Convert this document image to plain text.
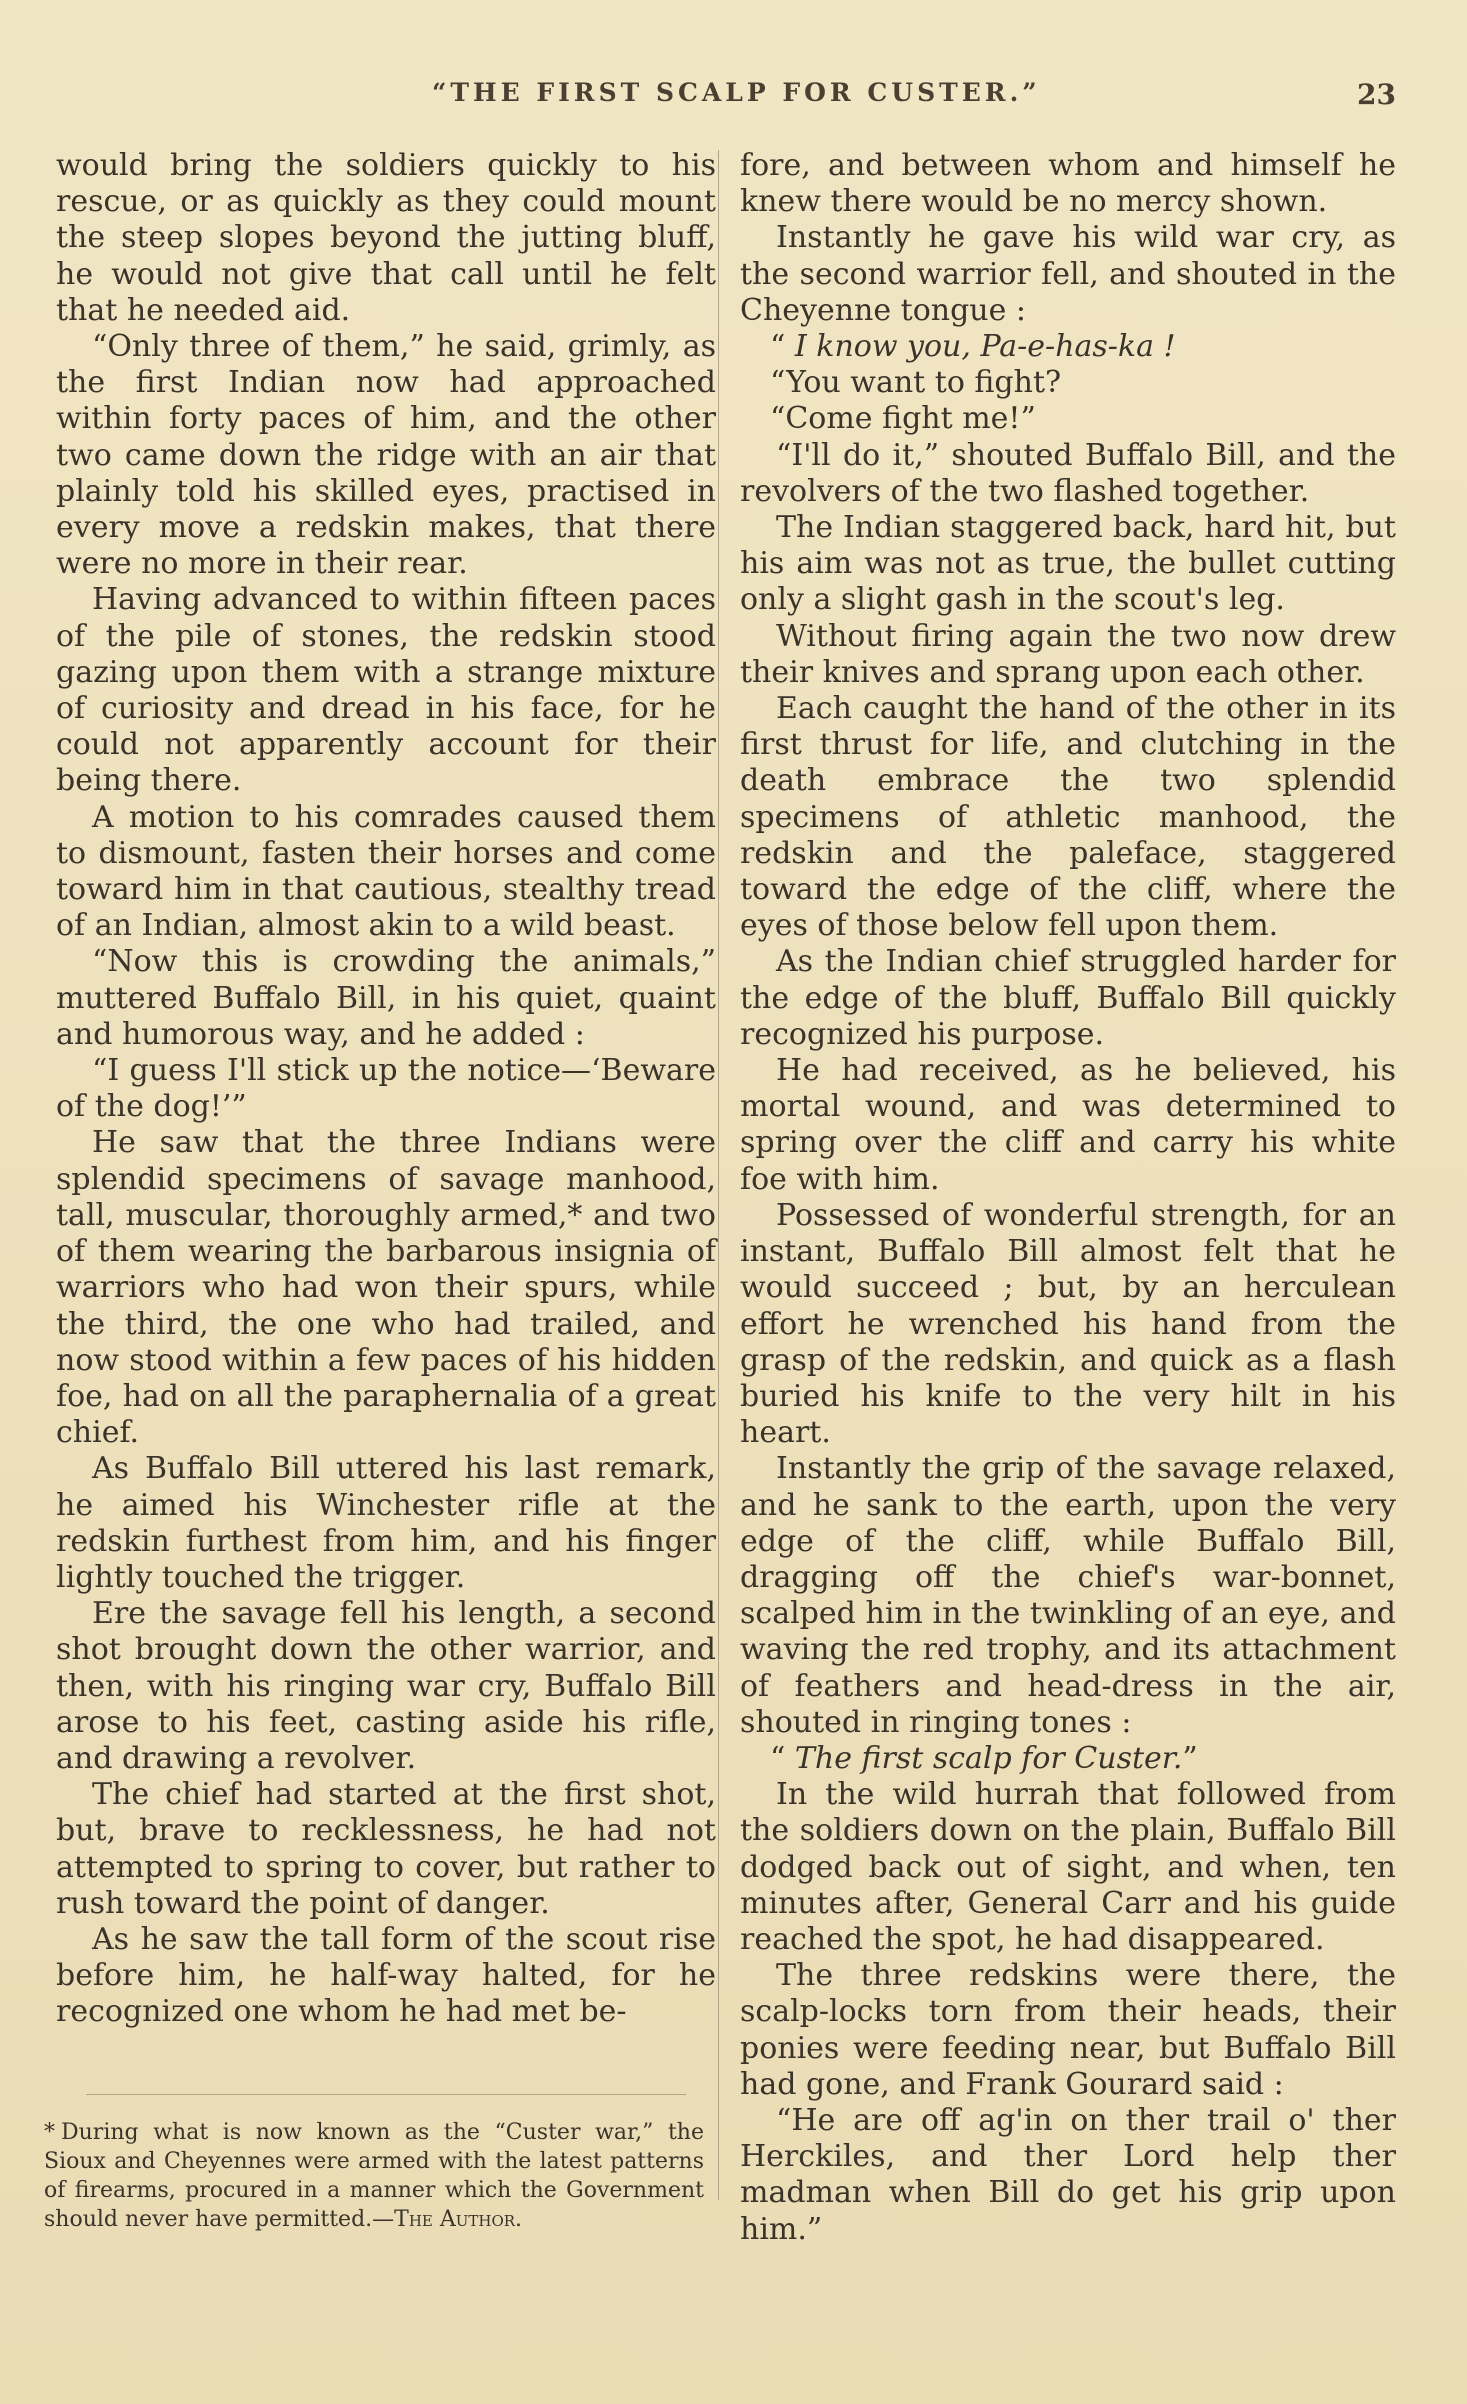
“THE FIRST SCALP FOR CUSTER.”	23

would bring the soldiers quickly to his rescue, or as quickly as they could mount the steep slopes beyond the jutting bluff, he would not give that call until he felt that he needed aid.

“Only three of them,” he said, grimly, as the first Indian now had approached within forty paces of him, and the other two came down the ridge with an air that plainly told his skilled eyes, practised in every move a redskin makes, that there were no more in their rear.

Having advanced to within fifteen paces of the pile of stones, the redskin stood gazing upon them with a strange mixture of curiosity and dread in his face, for he could not apparently account for their being there.

A motion to his comrades caused them to dismount, fasten their horses and come toward him in that cautious, stealthy tread of an Indian, almost akin to a wild beast.

“Now this is crowding the animals,” muttered Buffalo Bill, in his quiet, quaint and humorous way, and he added :

“I guess I'll stick up the notice—‘Beware of the dog!’”

He saw that the three Indians were splendid specimens of savage manhood, tall, muscular, thoroughly armed,* and two of them wearing the barbarous insignia of warriors who had won their spurs, while the third, the one who had trailed, and now stood within a few paces of his hidden foe, had on all the paraphernalia of a great chief.

As Buffalo Bill uttered his last remark, he aimed his Winchester rifle at the redskin furthest from him, and his finger lightly touched the trigger.

Ere the savage fell his length, a second shot brought down the other warrior, and then, with his ringing war cry, Buffalo Bill arose to his feet, casting aside his rifle, and drawing a revolver.

The chief had started at the first shot, but, brave to recklessness, he had not attempted to spring to cover, but rather to rush toward the point of danger.

As he saw the tall form of the scout rise before him, he half-way halted, for he recognized one whom he had met be-

fore, and between whom and himself he knew there would be no mercy shown.

Instantly he gave his wild war cry, as the second warrior fell, and shouted in the Cheyenne tongue :

“ I know you, Pa-e-has-ka !

“You want to fight?

“Come fight me!”

“I'll do it,” shouted Buffalo Bill, and the revolvers of the two flashed together.

The Indian staggered back, hard hit, but his aim was not as true, the bullet cutting only a slight gash in the scout's leg.

Without firing again the two now drew their knives and sprang upon each other.

Each caught the hand of the other in its first thrust for life, and clutching in the death embrace the two splendid specimens of athletic manhood, the redskin and the paleface, staggered toward the edge of the cliff, where the eyes of those below fell upon them.

As the Indian chief struggled harder for the edge of the bluff, Buffalo Bill quickly recognized his purpose.

He had received, as he believed, his mortal wound, and was determined to spring over the cliff and carry his white foe with him.

Possessed of wonderful strength, for an instant, Buffalo Bill almost felt that he would succeed ; but, by an herculean effort he wrenched his hand from the grasp of the redskin, and quick as a flash buried his knife to the very hilt in his heart.

Instantly the grip of the savage relaxed, and he sank to the earth, upon the very edge of the cliff, while Buffalo Bill, dragging off the chief's war-bonnet, scalped him in the twinkling of an eye, and waving the red trophy, and its attachment of feathers and head-dress in the air, shouted in ringing tones :

“ The first scalp for Custer.”

In the wild hurrah that followed from the soldiers down on the plain, Buffalo Bill dodged back out of sight, and when, ten minutes after, General Carr and his guide reached the spot, he had disappeared.

The three redskins were there, the scalp-locks torn from their heads, their ponies were feeding near, but Buffalo Bill had gone, and Frank Gourard said :

“He are off ag'in on ther trail o' ther Herckiles, and ther Lord help ther madman when Bill do get his grip upon him.”

* During what is now known as the “Custer war,” the Sioux and Cheyennes were armed with the latest patterns of firearms, procured in a manner which the Government should never have permitted.—The Author.
